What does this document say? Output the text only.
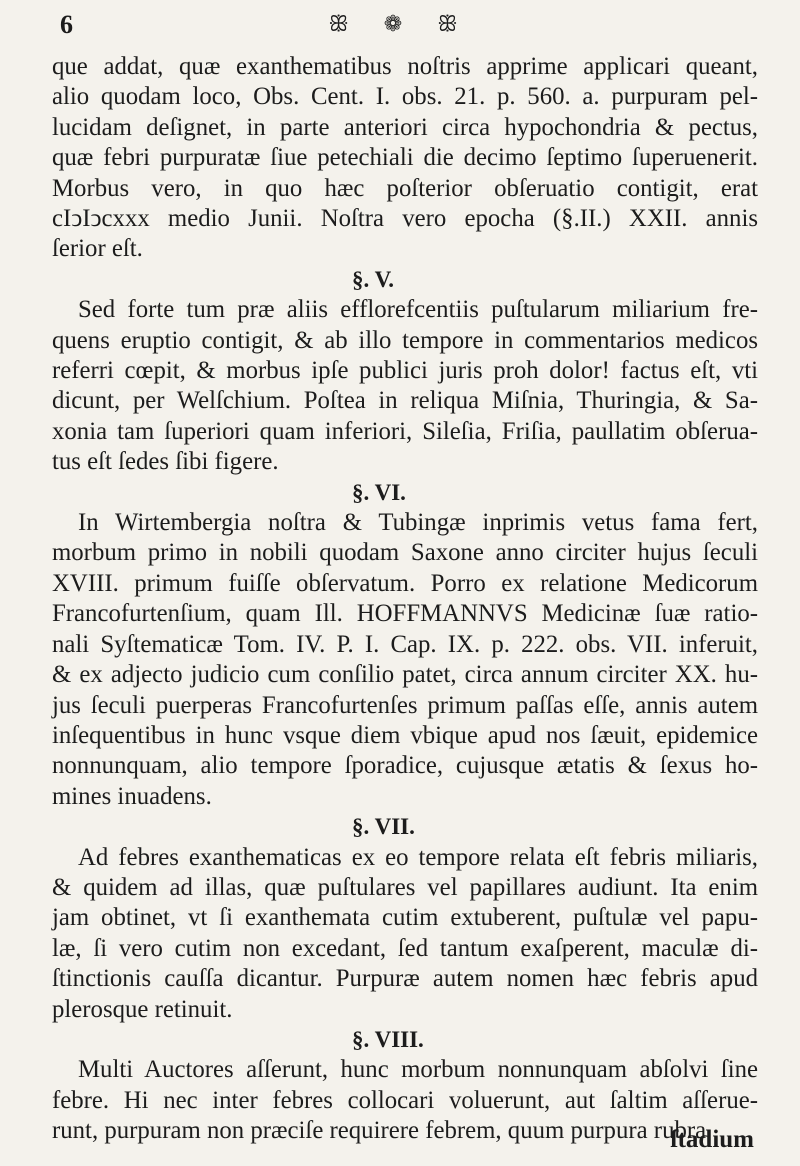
6	ꕥ ❁ ꕥ
que addat, quæ exanthematibus noſtris apprime applicari queant,
alio quodam loco, Obs. Cent. I. obs. 21. p. 560. a. purpuram pel-
lucidam deſignet, in parte anteriori circa hypochondria & pectus,
quæ febri purpuratæ ſiue petechiali die decimo ſeptimo ſuperuenerit.
Morbus vero, in quo hæc poſterior obſeruatio contigit, erat
cIↄIↄcxxx medio Junii. Noſtra vero epocha (§.II.) XXII. annis
ſerior eſt.
§. V.
Sed forte tum præ aliis efflorefcentiis puſtularum miliarium fre-
quens eruptio contigit, & ab illo tempore in commentarios medicos
referri cœpit, & morbus ipſe publici juris proh dolor! factus eſt, vti
dicunt, per Welſchium. Poſtea in reliqua Miſnia, Thuringia, & Sa-
xonia tam ſuperiori quam inferiori, Sileſia, Friſia, paullatim obſerua-
tus eſt ſedes ſibi figere.
§. VI.
In Wirtembergia noſtra & Tubingæ inprimis vetus fama fert,
morbum primo in nobili quodam Saxone anno circiter hujus ſeculi
XVIII. primum fuiſſe obſervatum. Porro ex relatione Medicorum
Francofurtenſium, quam Ill. HOFFMANNVS Medicinæ ſuæ ratio-
nali Syſtematicæ Tom. IV. P. I. Cap. IX. p. 222. obs. VII. inferuit,
& ex adjecto judicio cum conſilio patet, circa annum circiter XX. hu-
jus ſeculi puerperas Francofurtenſes primum paſſas eſſe, annis autem
inſequentibus in hunc vsque diem vbique apud nos ſæuit, epidemice
nonnunquam, alio tempore ſporadice, cujusque ætatis & ſexus ho-
mines inuadens.
§. VII.
Ad febres exanthematicas ex eo tempore relata eſt febris miliaris,
& quidem ad illas, quæ puſtulares vel papillares audiunt. Ita enim
jam obtinet, vt ſi exanthemata cutim extuberent, puſtulæ vel papu-
læ, ſi vero cutim non excedant, ſed tantum exaſperent, maculæ di-
ſtinctionis cauſſa dicantur. Purpuræ autem nomen hæc febris apud
plerosque retinuit.
§. VIII.
Multi Auctores aſſerunt, hunc morbum nonnunquam abſolvi ſine
febre. Hi nec inter febres collocari voluerunt, aut ſaltim aſſerue-
runt, purpuram non præciſe requirere febrem, quum purpura rubra
ſtadium
